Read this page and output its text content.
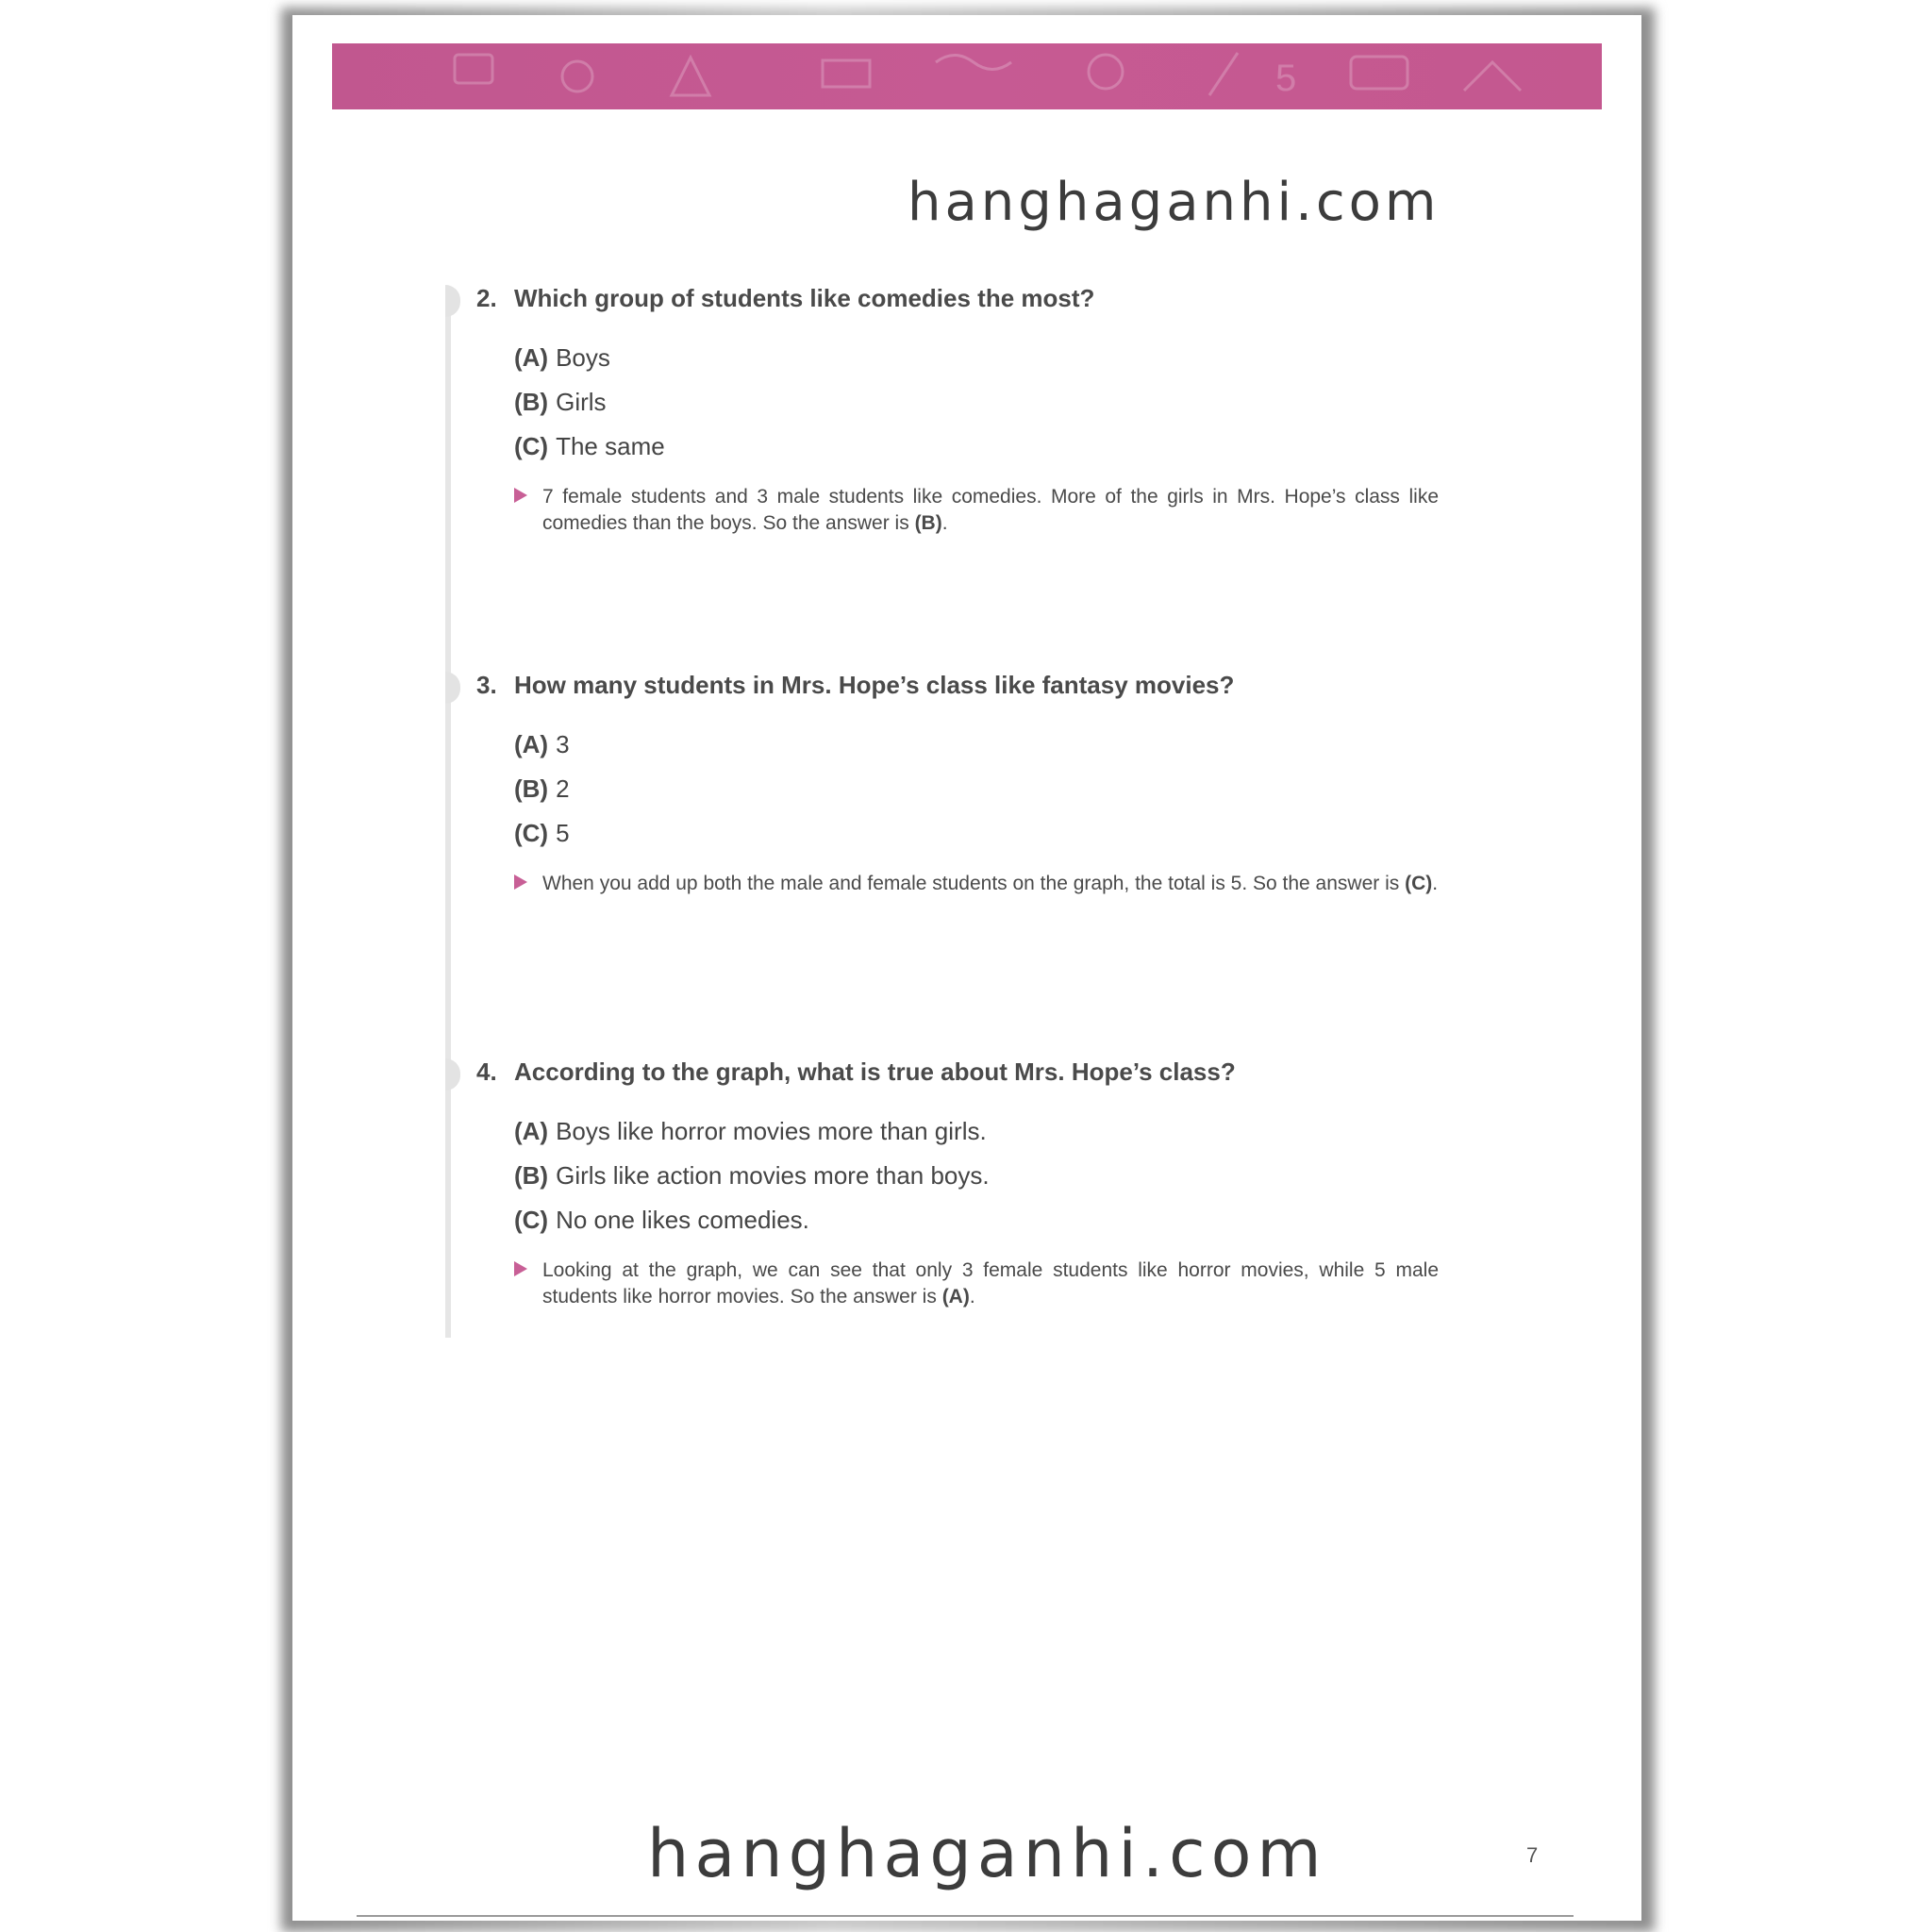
5
hanghaganhi.com
2. Which group of students like comedies the most?
(A) Boys
(B) Girls
(C) The same
7 female students and 3 male students like comedies. More of the girls in Mrs. Hope’s class like comedies than the boys. So the answer is (B).
3. How many students in Mrs. Hope’s class like fantasy movies?
(A) 3
(B) 2
(C) 5
When you add up both the male and female students on the graph, the total is 5. So the answer is (C).
4. According to the graph, what is true about Mrs. Hope’s class?
(A) Boys like horror movies more than girls.
(B) Girls like action movies more than boys.
(C) No one likes comedies.
Looking at the graph, we can see that only 3 female students like horror movies, while 5 male students like horror movies. So the answer is (A).
hanghaganhi.com	7
